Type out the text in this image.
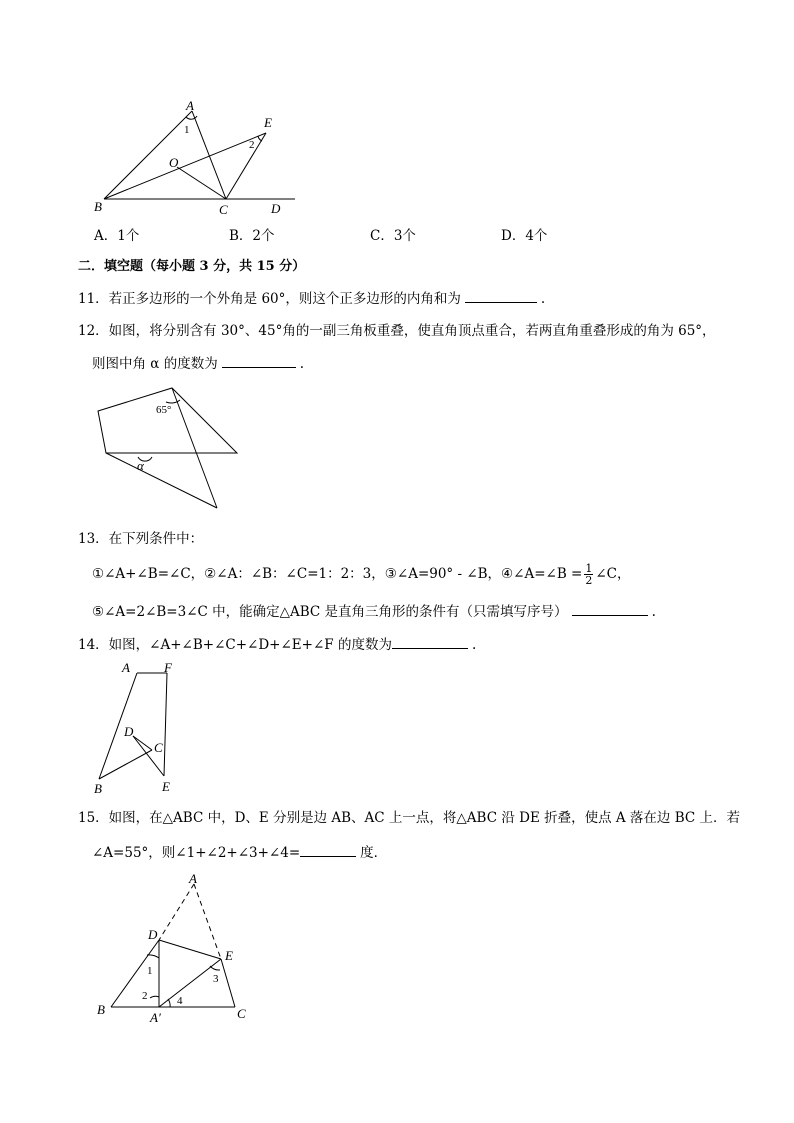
A
1	E
2
O
B	C	D
A．1个	B．2个	C．3个	D．4个
二．填空题（每小题 3 分，共 15 分）
11．若正多边形的一个外角是 60°，则这个正多边形的内角和为	.
12．如图，将分别含有 30°、45°角的一副三角板重叠，使直角顶点重合，若两直角重叠形成的角为 65°，
则图中角 α 的度数为	.
65°
α
13．在下列条件中：
①∠A+∠B=∠C，②∠A：∠B：∠C=1：2：3，③∠A=90° - ∠B，④∠A=∠B = $\frac{1}{2}$ ∠C，
⑤∠A=2∠B=3∠C 中，能确定△ABC 是直角三角形的条件有（只需填写序号）	.
14．如图，∠A+∠B+∠C+∠D+∠E+∠F 的度数为	.
A	F
D
C
B	E
15．如图，在△ABC 中，D、E 分别是边 AB、AC 上一点，将△ABC 沿 DE 折叠，使点 A 落在边 BC 上．若
∠A=55°，则∠1+∠2+∠3+∠4=	度．
A
D
E
B
A′	C
1
2
3
4
